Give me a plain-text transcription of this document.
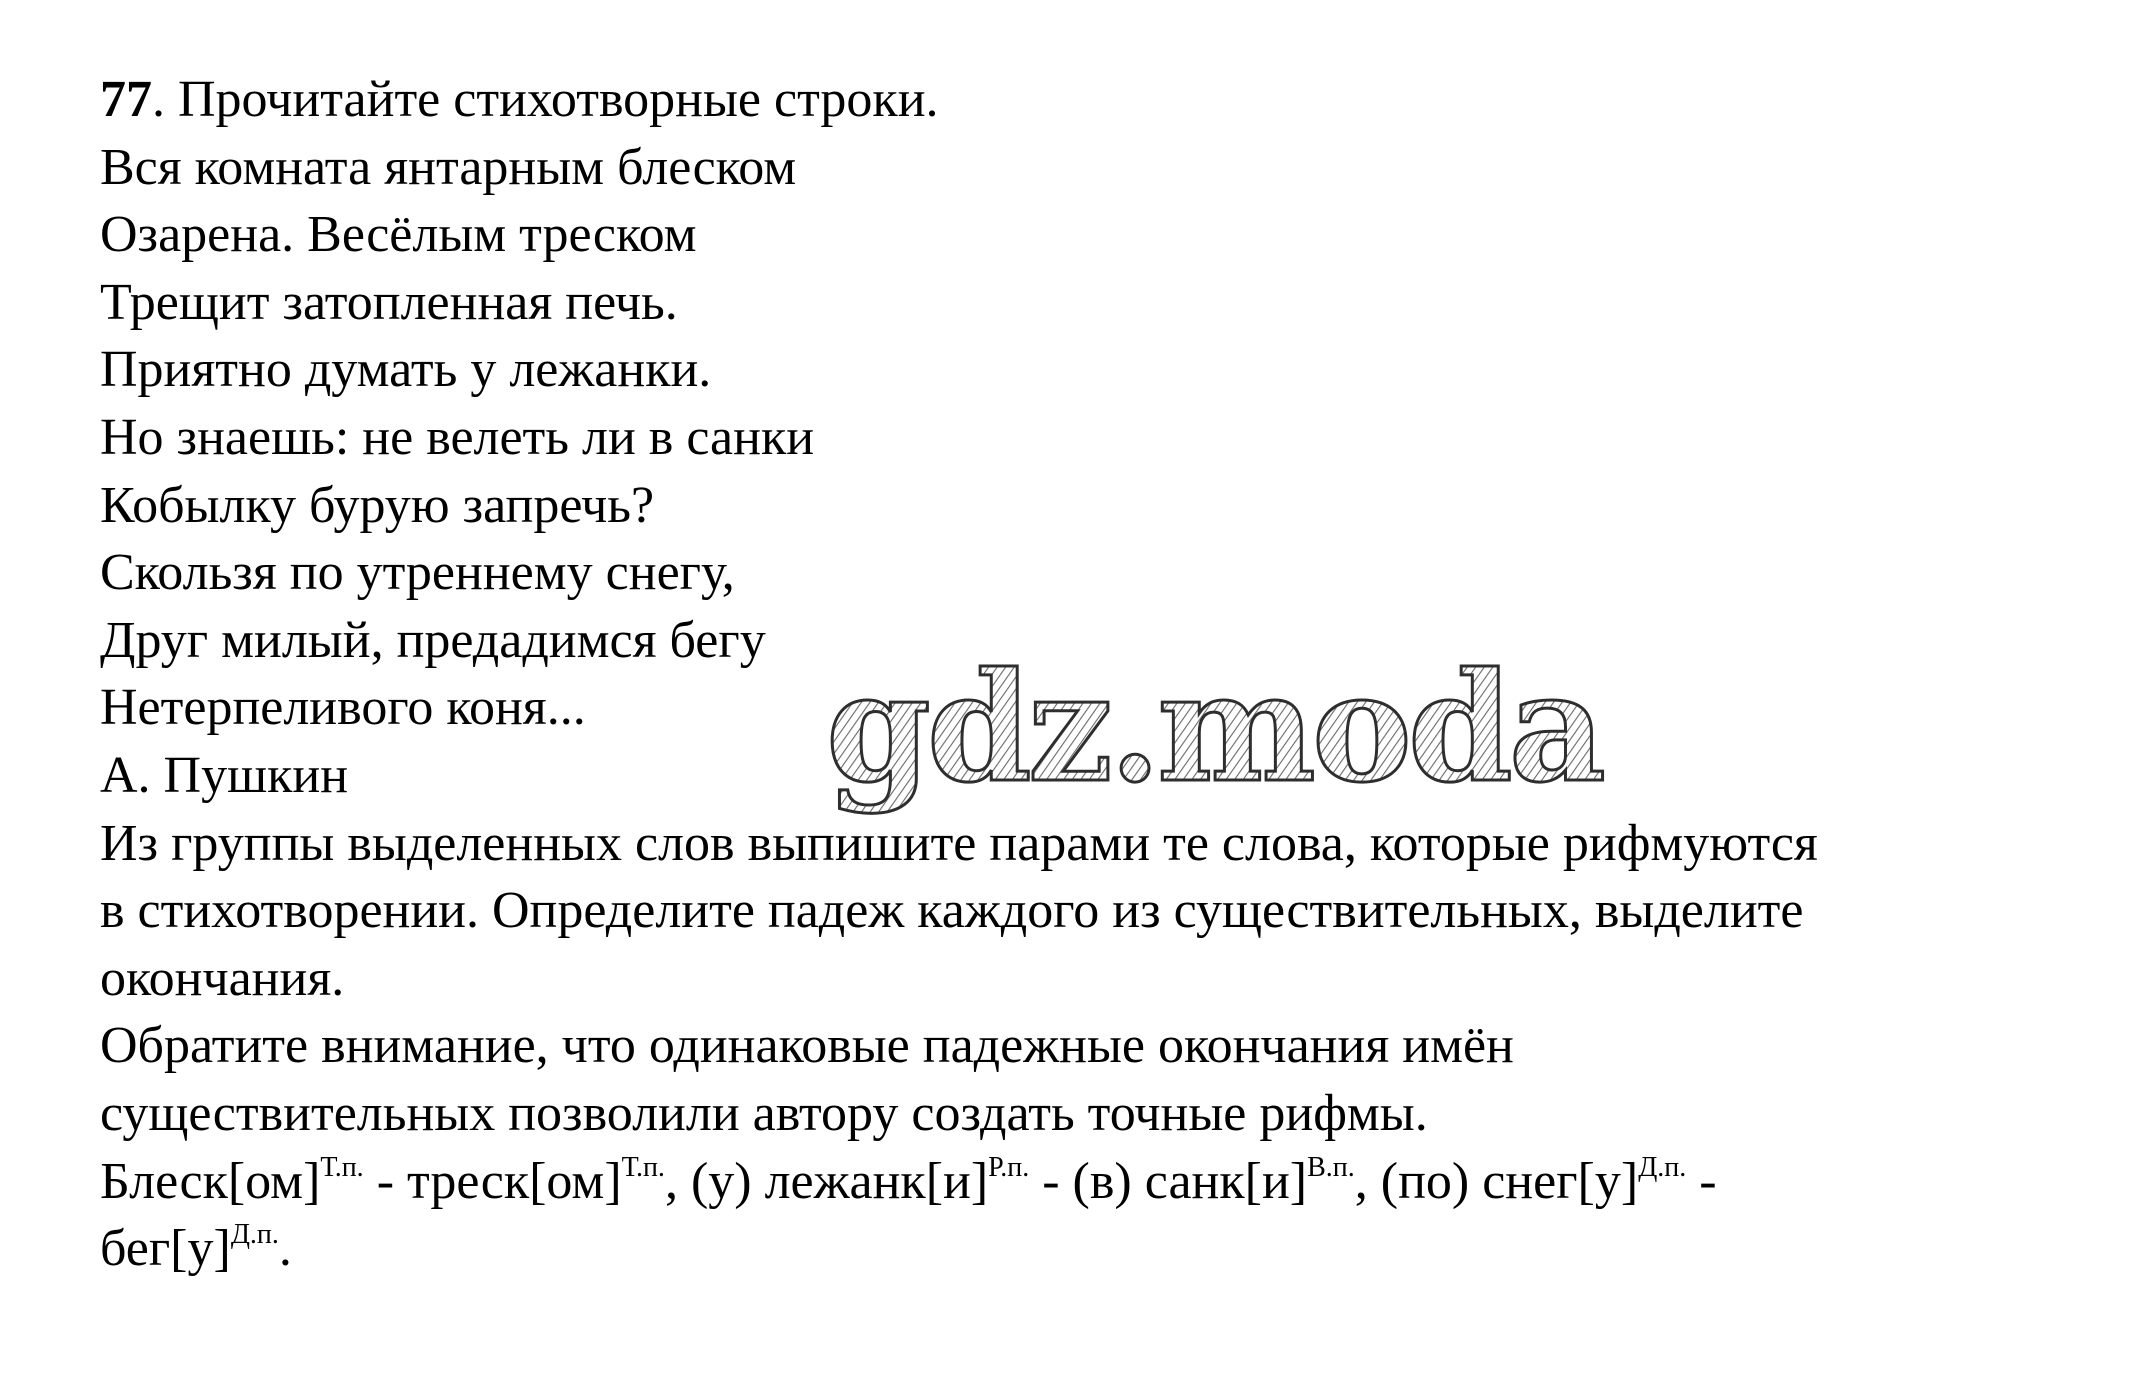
77. Прочитайте стихотворные строки.
Вся комната янтарным блеском
Озарена. Весёлым треском
Трещит затопленная печь.
Приятно думать у лежанки.
Но знаешь: не велеть ли в санки
Кобылку бурую запречь?
Скользя по утреннему снегу,
Друг милый, предадимся бегу
Нетерпеливого коня...
А. Пушкин
Из группы выделенных слов выпишите парами те слова, которые рифмуются
в стихотворении. Определите падеж каждого из существительных, выделите
окончания.
Обратите внимание, что одинаковые падежные окончания имён
существительных позволили автору создать точные рифмы.
Блеск[ом]$^{Т.п.}$ - треск[ом]$^{Т.п.}$, (у) $лежанк[и]^{Р.п.} - (в)$ $санк[и]^{В.п.}$, (по) $снег[у]^{Д.п.}$ -
$бег[у]^{Д.п.}$.
gdz.moda
